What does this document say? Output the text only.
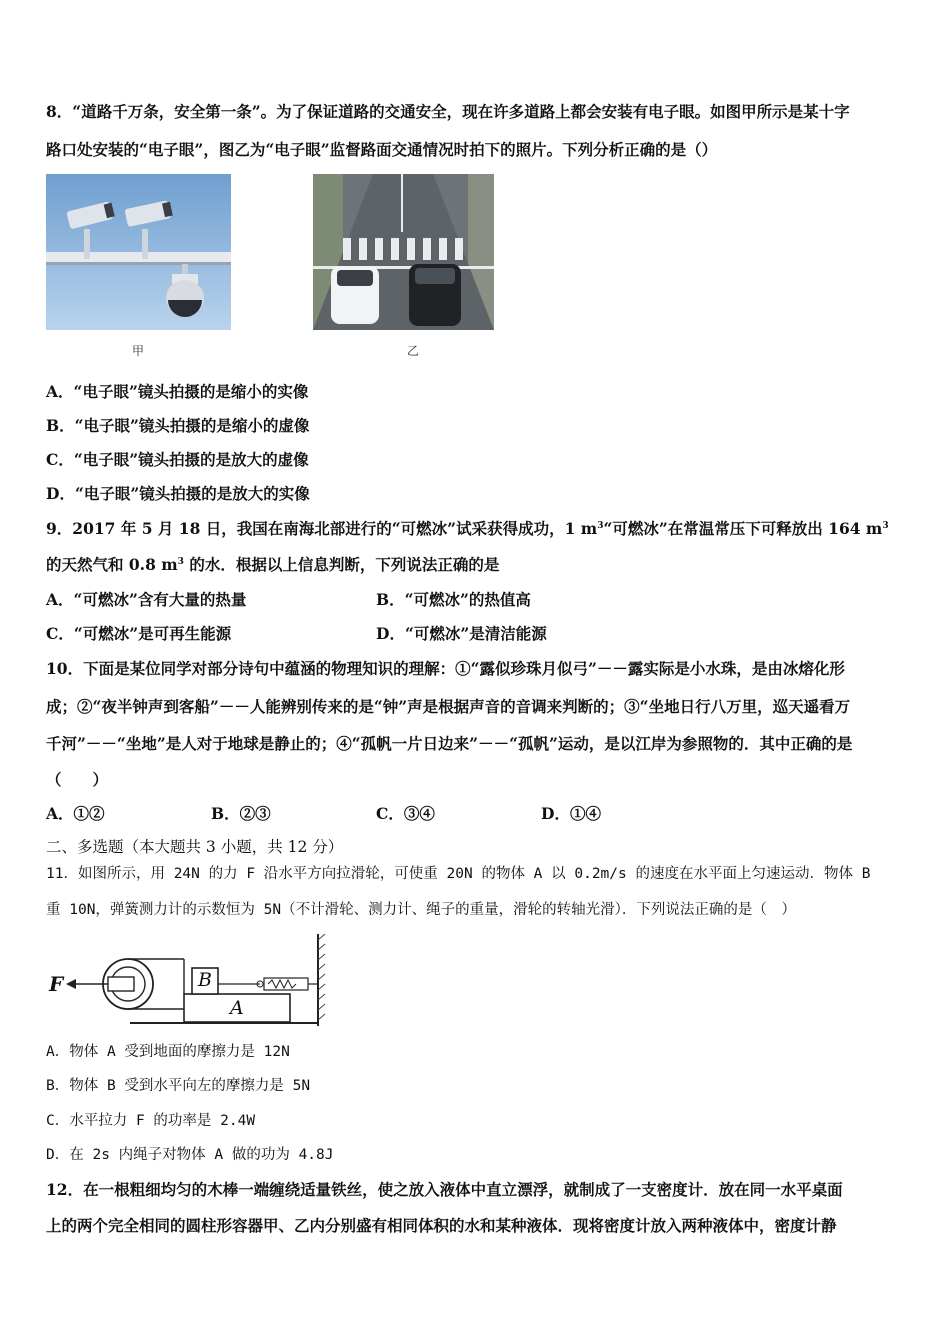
8．“道路千万条，安全第一条”。为了保证道路的交通安全，现在许多道路上都会安装有电子眼。如图甲所示是某十字
路口处安装的“电子眼”，图乙为“电子眼”监督路面交通情况时拍下的照片。下列分析正确的是（）
甲	乙
A．“电子眼”镜头拍摄的是缩小的实像
B．“电子眼”镜头拍摄的是缩小的虚像
C．“电子眼”镜头拍摄的是放大的虚像
D．“电子眼”镜头拍摄的是放大的实像
9．2017 年 5 月 18 日，我国在南海北部进行的“可燃冰”试采获得成功，1 $m^3“$可燃冰”在常温常压下可释放出 164 $m^3$
的天然气和 0.8 $m^3$ 的水．根据以上信息判断，下列说法正确的是
A．“可燃冰”含有大量的热量	B．“可燃冰”的热值高
C．“可燃冰”是可再生能源	D．“可燃冰”是清洁能源
10．下面是某位同学对部分诗句中蕴涵的物理知识的理解：①“露似珍珠月似弓”－－露实际是小水珠，是由冰熔化形
成；②“夜半钟声到客船”－－人能辨别传来的是“钟”声是根据声音的音调来判断的；③“坐地日行八万里，巡天遥看万
千河”－－“坐地”是人对于地球是静止的；④“孤帆一片日边来”－－“孤帆”运动，是以江岸为参照物的．其中正确的是
（　　）
A．①②	B．②③	C．③④	D．①④
二、多选题（本大题共 3 小题，共 12 分）
11．如图所示，用 24N 的力 F 沿水平方向拉滑轮，可使重 20N 的物体 A 以 0.2m/s 的速度在水平面上匀速运动．物体 B
重 10N，弹簧测力计的示数恒为 5N（不计滑轮、测力计、绳子的重量，滑轮的转轴光滑）．下列说法正确的是（　）
F	B
A
A．物体 A 受到地面的摩擦力是 12N
B．物体 B 受到水平向左的摩擦力是 5N
C．水平拉力 F 的功率是 2.4W
D．在 2s 内绳子对物体 A 做的功为 4.8J
12．在一根粗细均匀的木棒一端缠绕适量铁丝，使之放入液体中直立漂浮，就制成了一支密度计．放在同一水平桌面
上的两个完全相同的圆柱形容器甲、乙内分别盛有相同体积的水和某种液体．现将密度计放入两种液体中，密度计静
